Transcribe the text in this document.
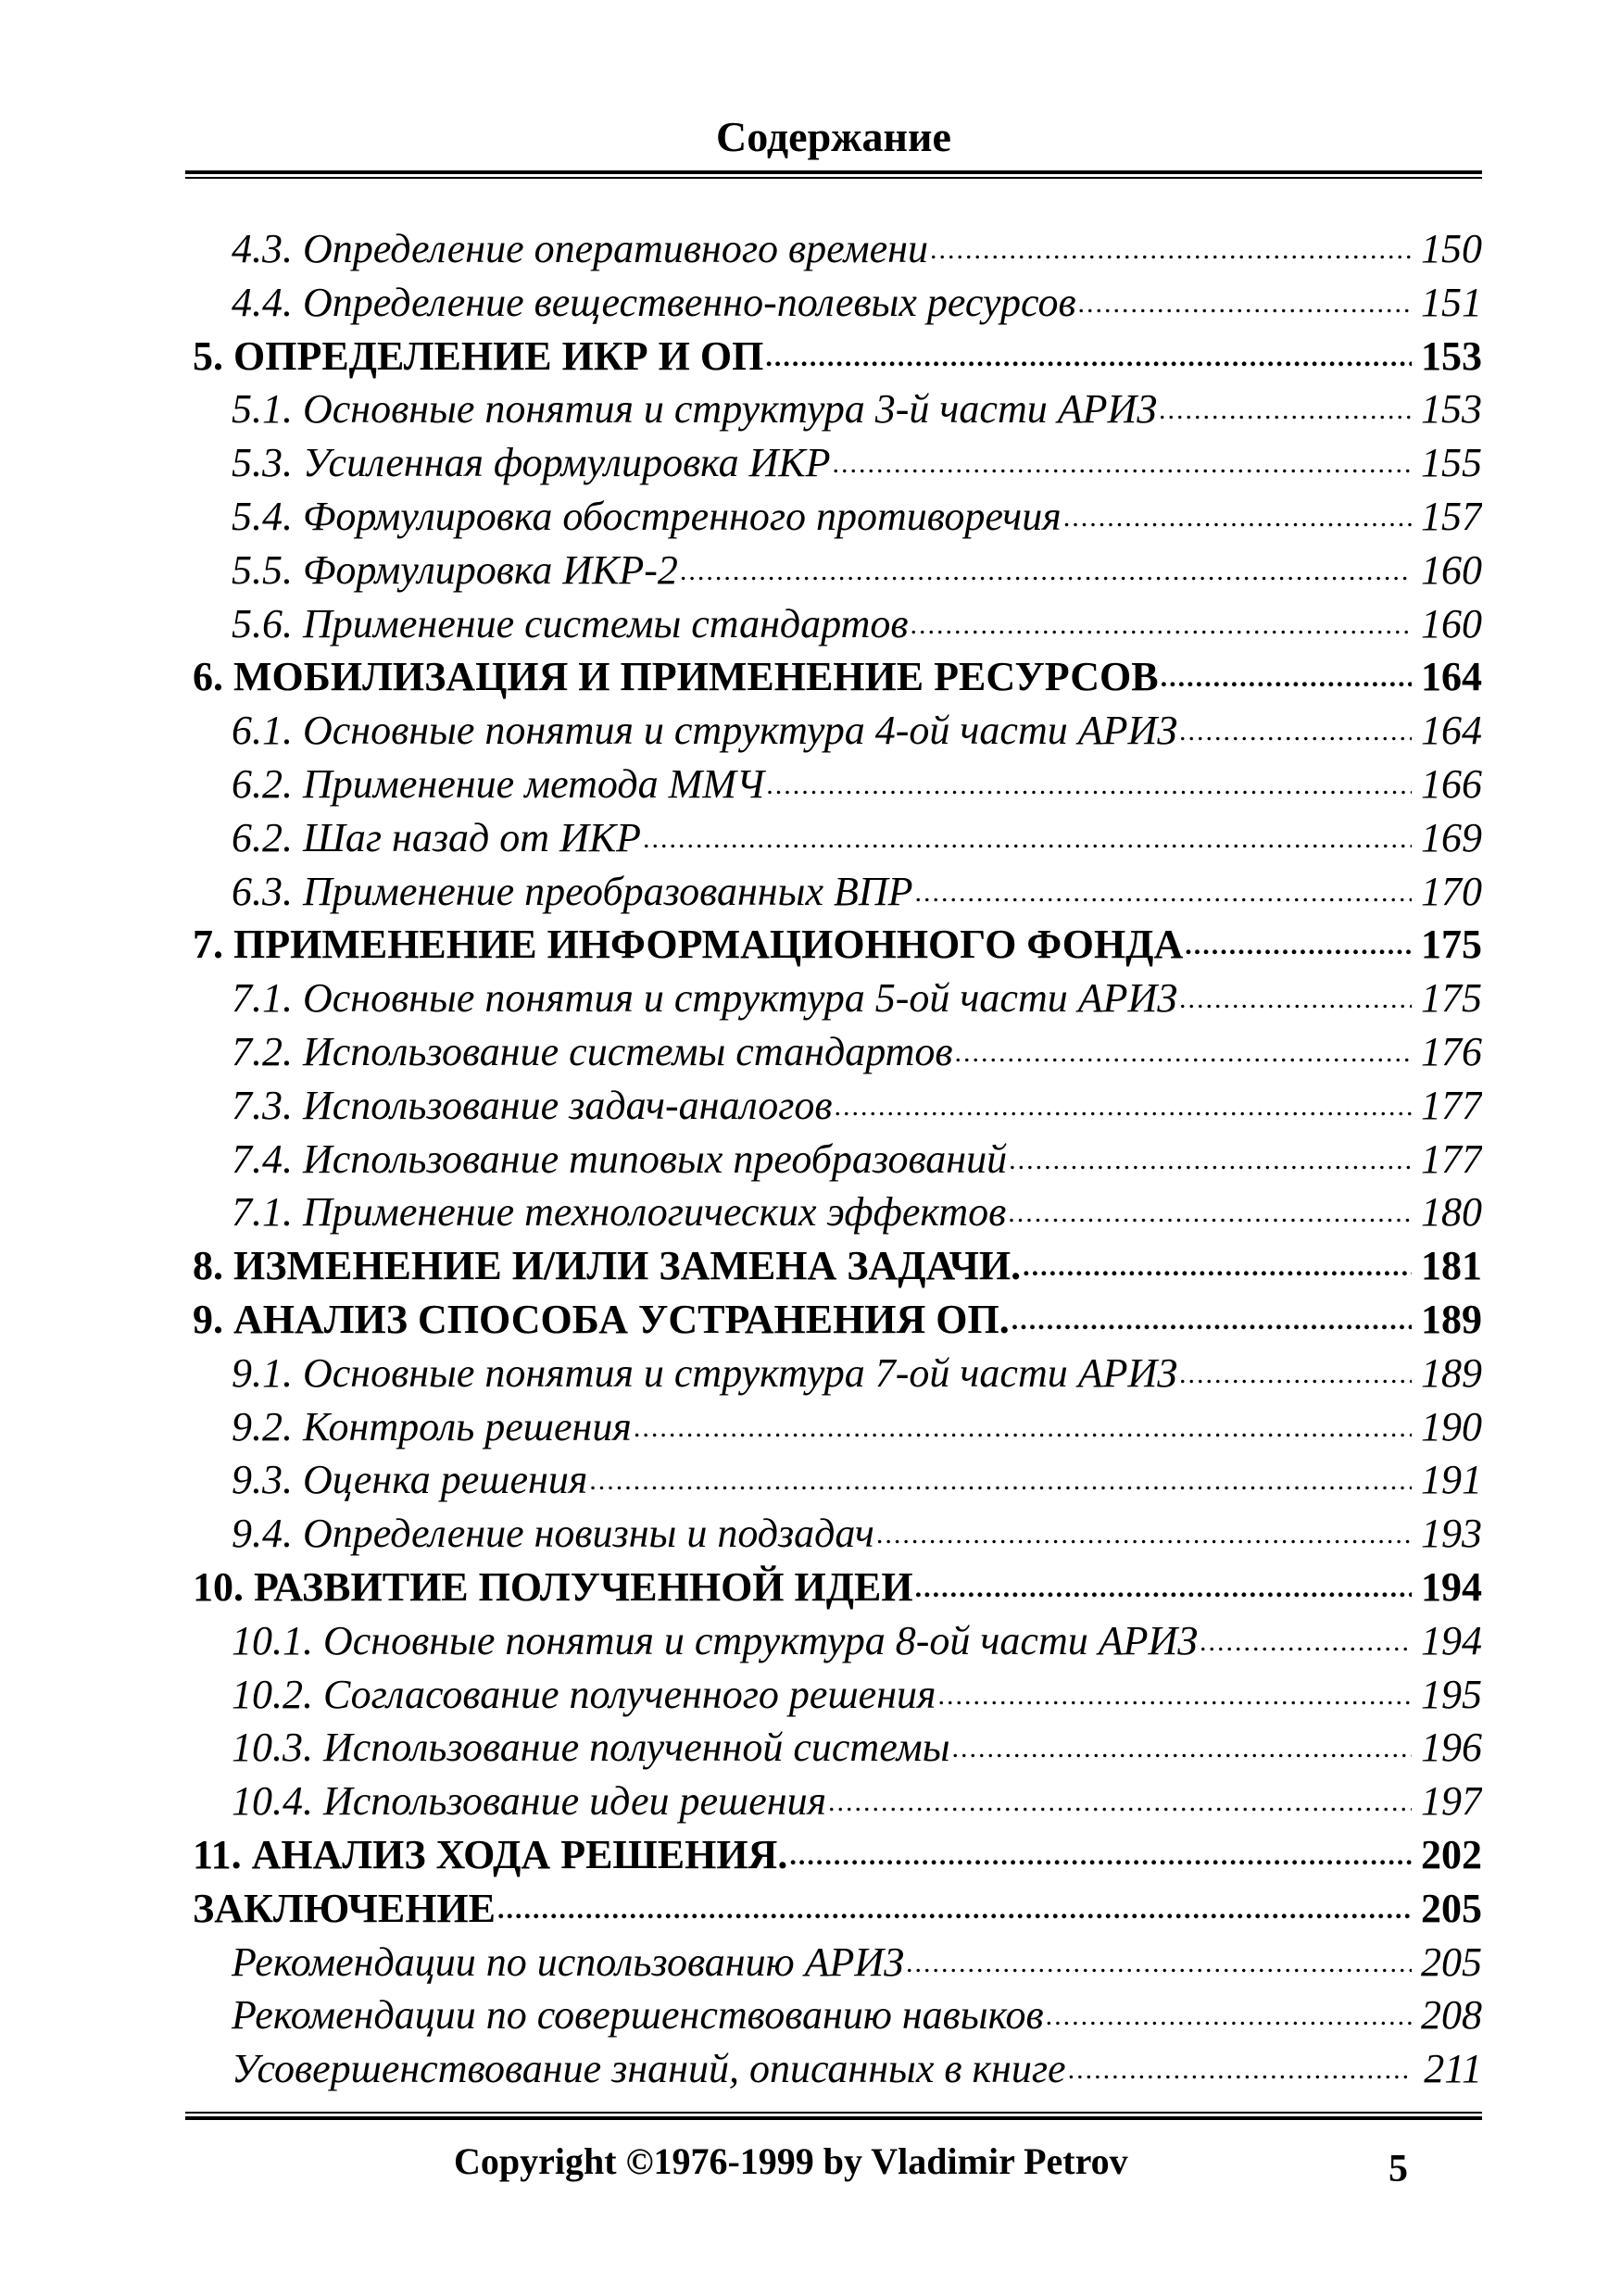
Содержание
4.3. Определение оперативного времени .....	150
4.4. Определение вещественно-полевых ресурсов .....	151
5. ОПРЕДЕЛЕНИЕ ИКР И ОП .....	153
5.1. Основные понятия и структура 3-й части АРИЗ .....	153
5.3. Усиленная формулировка ИКР .....	155
5.4. Формулировка обостренного противоречия .....	157
5.5. Формулировка ИКР-2 .....	160
5.6. Применение системы стандартов .....	160
6. МОБИЛИЗАЦИЯ И ПРИМЕНЕНИЕ РЕСУРСОВ .....	164
6.1. Основные понятия и структура 4-ой части АРИЗ .....	164
6.2. Применение метода ММЧ .....	166
6.2. Шаг назад от ИКР .....	169
6.3. Применение преобразованных ВПР .....	170
7. ПРИМЕНЕНИЕ ИНФОРМАЦИОННОГО ФОНДА .....	175
7.1. Основные понятия и структура 5-ой части АРИЗ .....	175
7.2. Использование системы стандартов .....	176
7.3. Использование задач-аналогов .....	177
7.4. Использование типовых преобразований .....	177
7.1. Применение технологических эффектов .....	180
8. ИЗМЕНЕНИЕ И/ИЛИ ЗАМЕНА ЗАДАЧИ. .....	181
9. АНАЛИЗ СПОСОБА УСТРАНЕНИЯ ОП. .....	189
9.1. Основные понятия и структура 7-ой части АРИЗ .....	189
9.2. Контроль решения .....	190
9.3. Оценка решения .....	191
9.4. Определение новизны и подзадач .....	193
10. РАЗВИТИЕ ПОЛУЧЕННОЙ ИДЕИ .....	194
10.1. Основные понятия и структура 8-ой части АРИЗ .....	194
10.2. Согласование полученного решения .....	195
10.3. Использование полученной системы .....	196
10.4. Использование идеи решения .....	197
11. АНАЛИЗ ХОДА РЕШЕНИЯ. .....	202
ЗАКЛЮЧЕНИЕ .....	205
Рекомендации по использованию АРИЗ .....	205
Рекомендации по совершенствованию навыков .....	208
Усовершенствование знаний, описанных в книге .....	211
Copyright ©1976-1999 by Vladimir Petrov	5
